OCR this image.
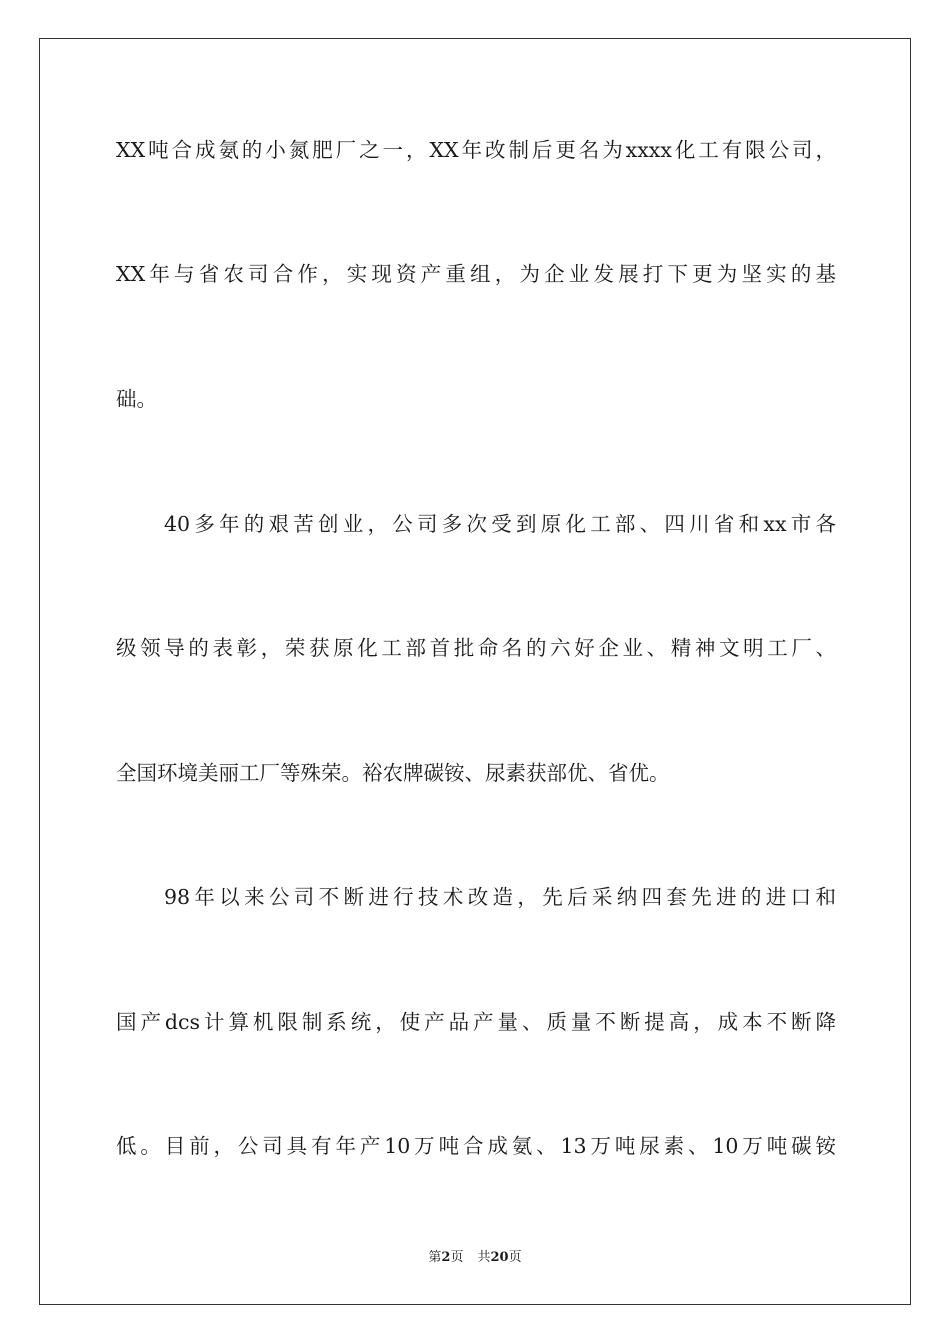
XX吨合成氨的小氮肥厂之一，XX年改制后更名为xxxx化工有限公司，
XX年与省农司合作，实现资产重组，为企业发展打下更为坚实的基
础。
40多年的艰苦创业，公司多次受到原化工部、四川省和xx市各
级领导的表彰，荣获原化工部首批命名的六好企业、精神文明工厂、
全国环境美丽工厂等殊荣。裕农牌碳铵、尿素获部优、省优。
98年以来公司不断进行技术改造，先后采纳四套先进的进口和
国产dcs计算机限制系统，使产品产量、质量不断提高，成本不断降
低。目前，公司具有年产10万吨合成氨、13万吨尿素、10万吨碳铵
第2页 共20页
